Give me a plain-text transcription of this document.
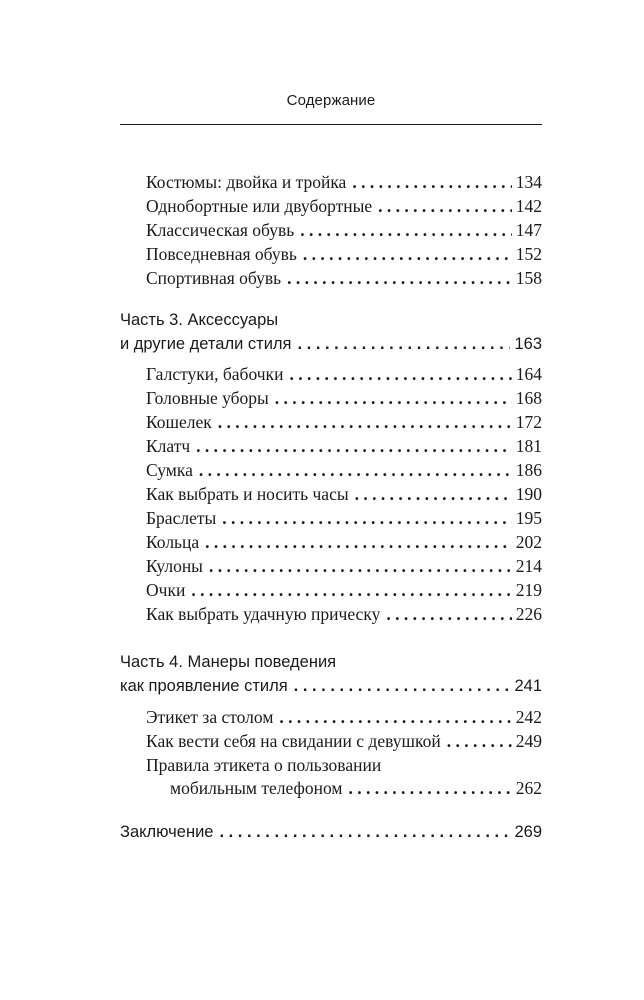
Содержание
Костюмы: двойка и тройка . . .	134
Однобортные или двубортные . . .	142
Классическая обувь . . .	147
Повседневная обувь . . .	152
Спортивная обувь . . .	158
Часть 3. Аксессуары
и другие детали стиля . . .	163
Галстуки, бабочки . . .	164
Головные уборы . . .	168
Кошелек . . .	172
Клатч . . .	181
Сумка . . .	186
Как выбрать и носить часы . . .	190
Браслеты . . .	195
Кольца . . .	202
Кулоны . . .	214
Очки . . .	219
Как выбрать удачную прическу . . .	226
Часть 4. Манеры поведения
как проявление стиля . . .	241
Этикет за столом . . .	242
Как вести себя на свидании с девушкой . . .	249
Правила этикета о пользовании
мобильным телефоном . . .	262
Заключение . . .	269
